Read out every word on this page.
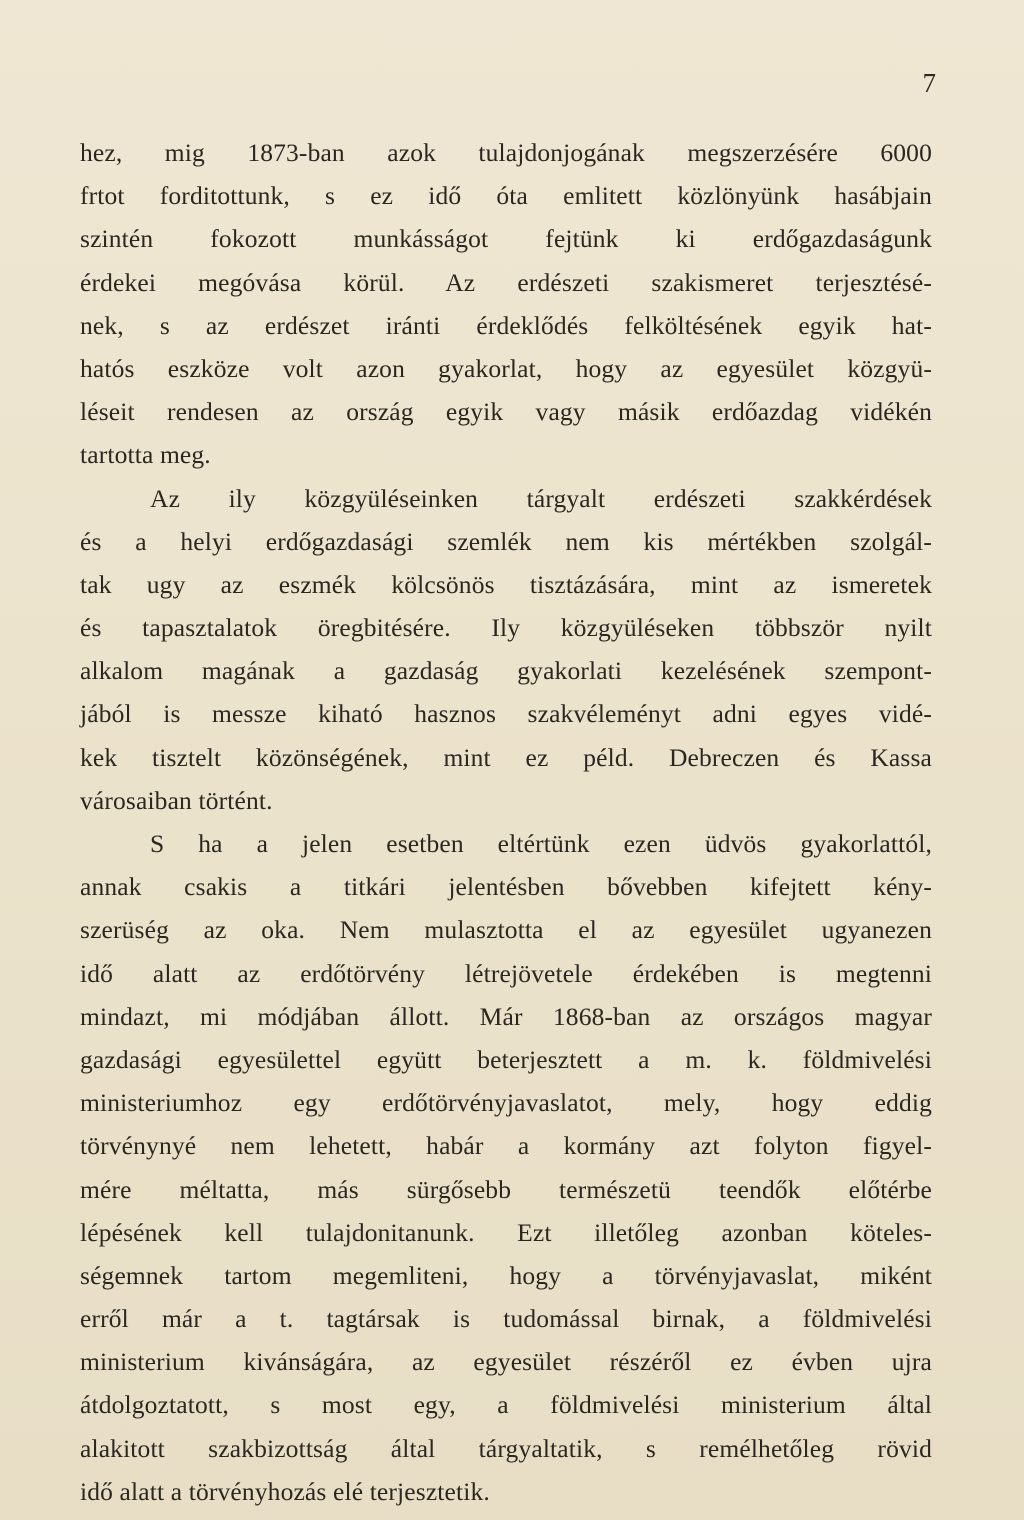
7
hez, mig 1873-ban azok tulajdonjogának megszerzésére 6000
frtot forditottunk, s ez idő óta emlitett közlönyünk hasábjain
szintén fokozott munkásságot fejtünk ki erdőgazdaságunk
érdekei megóvása körül. Az erdészeti szakismeret terjesztésé-
nek, s az erdészet iránti érdeklődés felköltésének egyik hat-
hatós eszköze volt azon gyakorlat, hogy az egyesület közgyü-
léseit rendesen az ország egyik vagy másik erdőazdag vidékén
tartotta meg.
Az ily közgyüléseinken tárgyalt erdészeti szakkérdések
és a helyi erdőgazdasági szemlék nem kis mértékben szolgál-
tak ugy az eszmék kölcsönös tisztázására, mint az ismeretek
és tapasztalatok öregbitésére. Ily közgyüléseken többször nyilt
alkalom magának a gazdaság gyakorlati kezelésének szempont-
jából is messze kiható hasznos szakvéleményt adni egyes vidé-
kek tisztelt közönségének, mint ez péld. Debreczen és Kassa
városaiban történt.
S ha a jelen esetben eltértünk ezen üdvös gyakorlattól,
annak csakis a titkári jelentésben bővebben kifejtett kény-
szerüség az oka. Nem mulasztotta el az egyesület ugyanezen
idő alatt az erdőtörvény létrejövetele érdekében is megtenni
mindazt, mi módjában állott. Már 1868-ban az országos magyar
gazdasági egyesülettel együtt beterjesztett a m. k. földmivelési
ministeriumhoz egy erdőtörvényjavaslatot, mely, hogy eddig
törvénynyé nem lehetett, habár a kormány azt folyton figyel-
mére méltatta, más sürgősebb természetü teendők előtérbe
lépésének kell tulajdonitanunk. Ezt illetőleg azonban köteles-
ségemnek tartom megemliteni, hogy a törvényjavaslat, miként
erről már a t. tagtársak is tudomással birnak, a földmivelési
ministerium kivánságára, az egyesület részéről ez évben ujra
átdolgoztatott, s most egy, a földmivelési ministerium által
alakitott szakbizottság által tárgyaltatik, s remélhetőleg rövid
idő alatt a törvényhozás elé terjesztetik.
